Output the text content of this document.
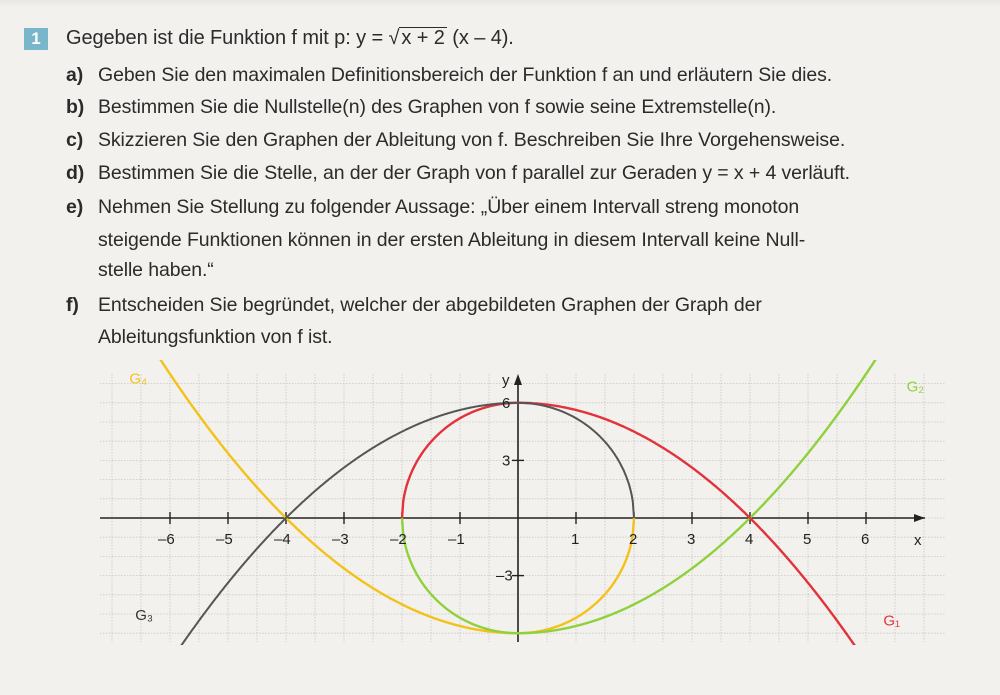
1	Gegeben ist die Funktion f mit p: y = √ x + 2 (x – 4).
a) Geben Sie den maximalen Definitionsbereich der Funktion f an und erläutern Sie dies.
b) Bestimmen Sie die Nullstelle(n) des Graphen von f sowie seine Extremstelle(n).
c) Skizzieren Sie den Graphen der Ableitung von f. Beschreiben Sie Ihre Vorgehensweise.
d) Bestimmen Sie die Stelle, an der der Graph von f parallel zur Geraden y = x + 4 verläuft.
e) Nehmen Sie Stellung zu folgender Aussage: „Über einem Intervall streng monoton
steigende Funktionen können in der ersten Ableitung in diesem Intervall keine Null-
stelle haben.“
f) Entscheiden Sie begründet, welcher der abgebildeten Graphen der Graph der
Ableitungsfunktion von f ist.
x
y
–6	–5	–4	–3	–2	–1	1	2	3	4	5	6
6
3
–3
G₁
G₂
G₃
G₄
